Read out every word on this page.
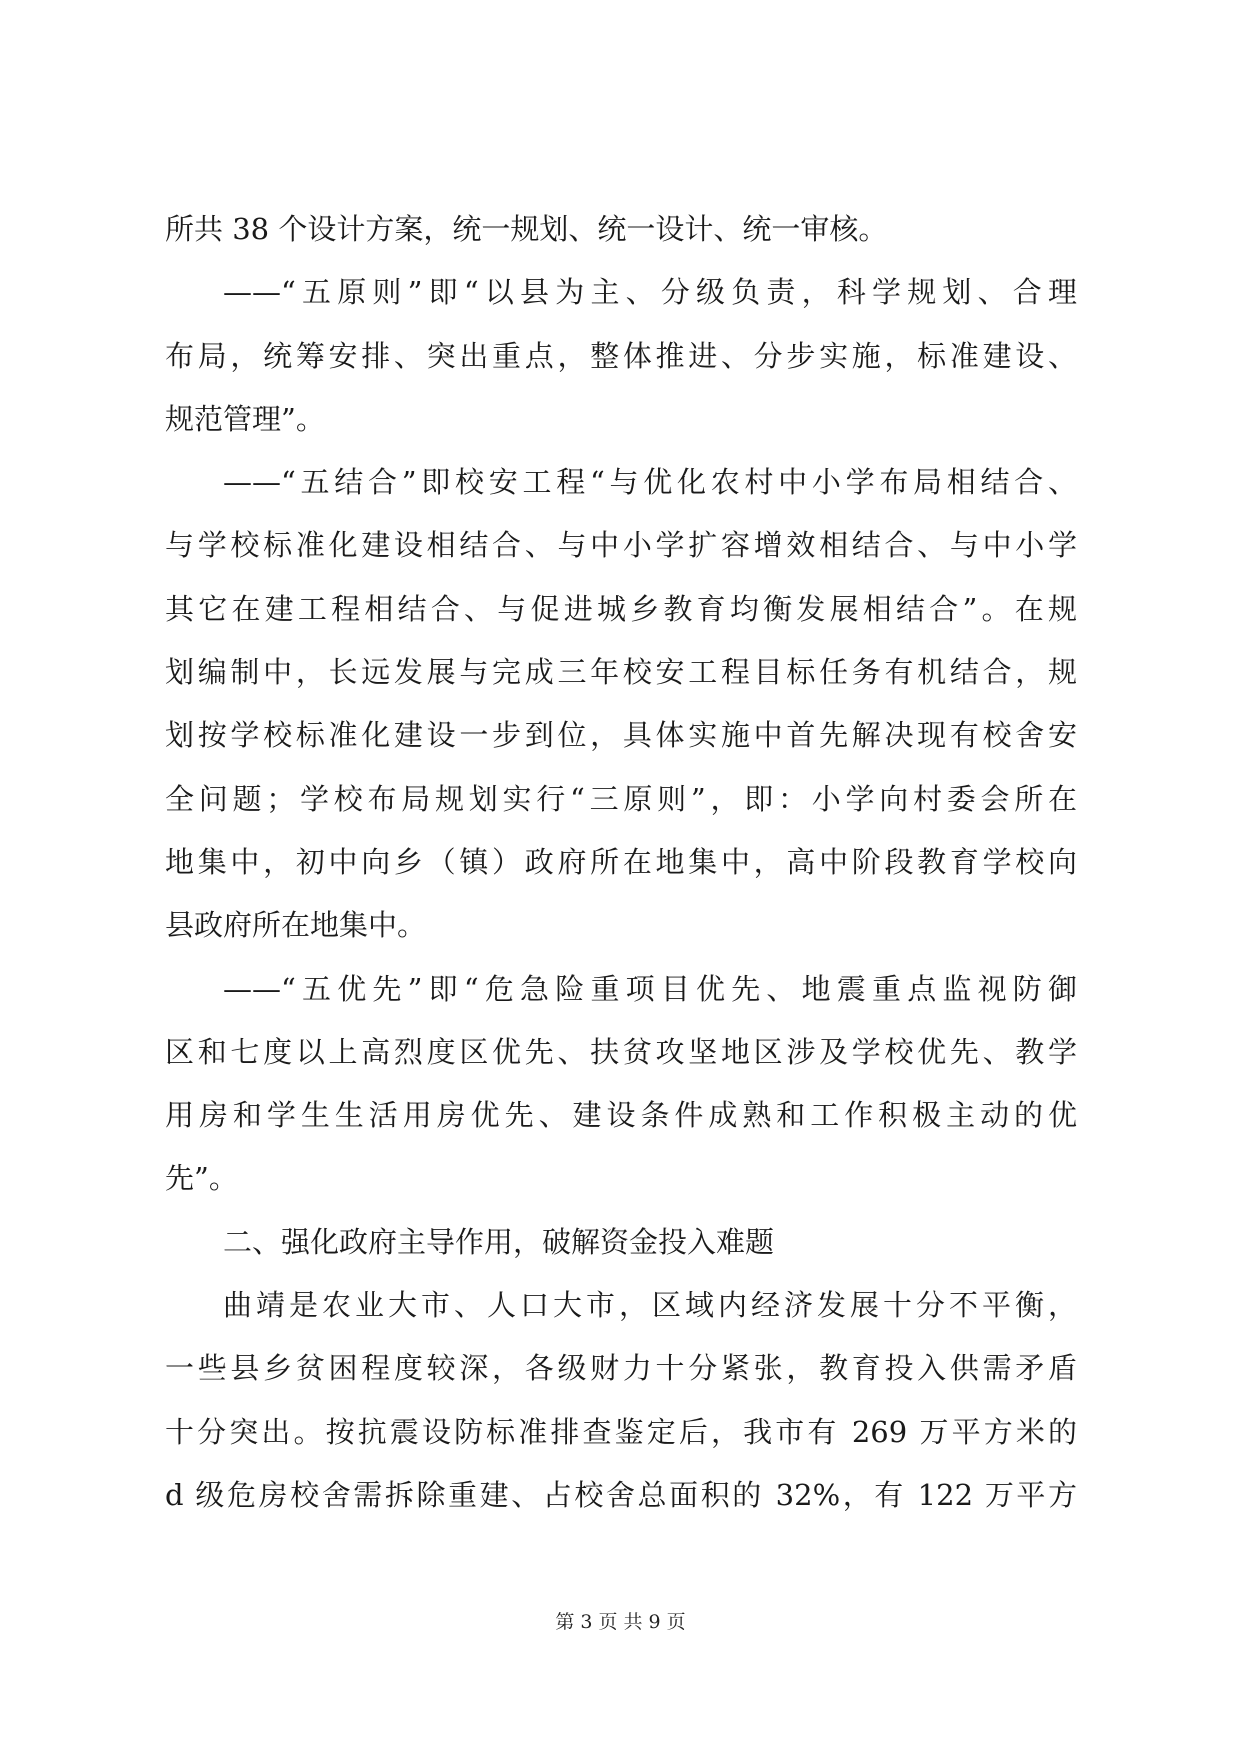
所共 38 个设计方案，统一规划、统一设计、统一审核。
——“五原则”即“以县为主、分级负责，科学规划、合理
布局，统筹安排、突出重点，整体推进、分步实施，标准建设、
规范管理”。
——“五结合”即校安工程“与优化农村中小学布局相结合、
与学校标准化建设相结合、与中小学扩容增效相结合、与中小学
其它在建工程相结合、与促进城乡教育均衡发展相结合”。在规
划编制中，长远发展与完成三年校安工程目标任务有机结合，规
划按学校标准化建设一步到位，具体实施中首先解决现有校舍安
全问题；学校布局规划实行“三原则”，即：小学向村委会所在
地集中，初中向乡（镇）政府所在地集中，高中阶段教育学校向
县政府所在地集中。
——“五优先”即“危急险重项目优先、地震重点监视防御
区和七度以上高烈度区优先、扶贫攻坚地区涉及学校优先、教学
用房和学生生活用房优先、建设条件成熟和工作积极主动的优
先”。
二、强化政府主导作用，破解资金投入难题
曲靖是农业大市、人口大市，区域内经济发展十分不平衡，
一些县乡贫困程度较深，各级财力十分紧张，教育投入供需矛盾
十分突出。按抗震设防标准排查鉴定后，我市有 269 万平方米的
d 级危房校舍需拆除重建、占校舍总面积的 32%，有 122 万平方
第 3 页 共 9 页
